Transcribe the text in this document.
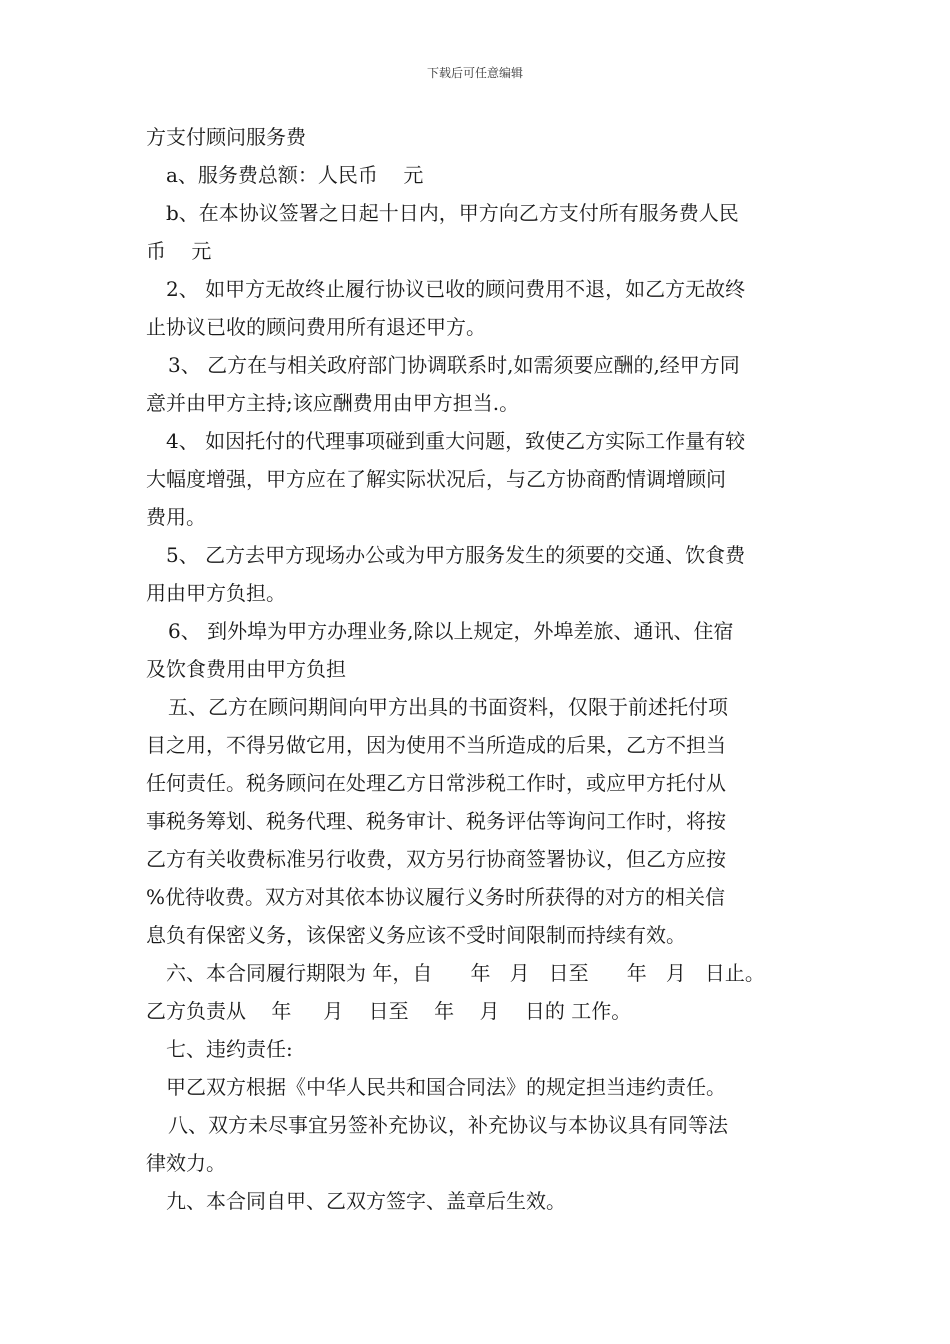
下载后可任意编辑
方支付顾问服务费
a、服务费总额：人民币    元
b、在本协议签署之日起十日内，甲方向乙方支付所有服务费人民
币    元
2、 如甲方无故终止履行协议已收的顾问费用不退，如乙方无故终
止协议已收的顾问费用所有退还甲方。
3、 乙方在与相关政府部门协调联系时,如需须要应酬的,经甲方同
意并由甲方主持;该应酬费用由甲方担当.。
4、 如因托付的代理事项碰到重大问题，致使乙方实际工作量有较
大幅度增强，甲方应在了解实际状况后，与乙方协商酌情调增顾问
费用。
5、 乙方去甲方现场办公或为甲方服务发生的须要的交通、饮食费
用由甲方负担。
6、 到外埠为甲方办理业务,除以上规定，外埠差旅、通讯、住宿
及饮食费用由甲方负担
五、乙方在顾问期间向甲方出具的书面资料，仅限于前述托付项
目之用，不得另做它用，因为使用不当所造成的后果，乙方不担当
任何责任。税务顾问在处理乙方日常涉税工作时，或应甲方托付从
事税务筹划、税务代理、税务审计、税务评估等询问工作时，将按
乙方有关收费标准另行收费，双方另行协商签署协议，但乙方应按
%优待收费。双方对其依本协议履行义务时所获得的对方的相关信
息负有保密义务，该保密义务应该不受时间限制而持续有效。
六、本合同履行期限为 年，自      年   月   日至      年   月   日止。
乙方负责从    年     月    日至    年    月    日的 工作。
七、违约责任:
甲乙双方根据《中华人民共和国合同法》的规定担当违约责任。
八、双方未尽事宜另签补充协议，补充协议与本协议具有同等法
律效力。
九、本合同自甲、乙双方签字、盖章后生效。
